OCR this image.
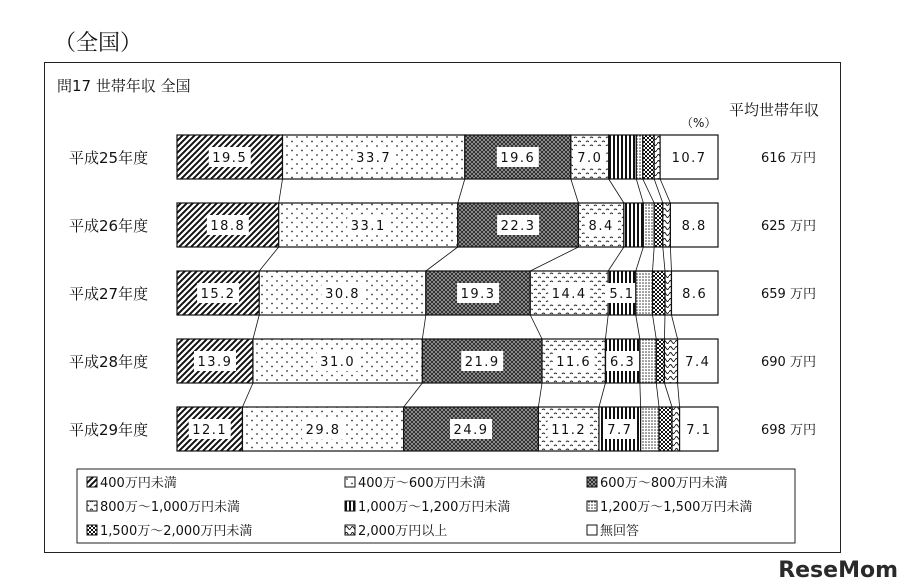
（全国）
問17 世帯年収 全国
（%）
平均世帯年収
平成25年度	19.5	33.7	19.6	7.0	10.7	616 万円
平成26年度	18.8	33.1	22.3	8.4	8.8	625 万円
平成27年度	15.2	30.8	19.3	14.4 5.1	8.6	659 万円
平成28年度	13.9	31.0	21.9	11.6 6.3	7.4	690 万円
平成29年度	12.1	29.8	24.9	11.2 7.7	7.1	698 万円
400万円未満	400万～600万円未満	600万～800万円未満
800万～1,000万円未満	1,000万～1,200万円未満	1,200万～1,500万円未満
1,500万～2,000万円未満	2,000万円以上	無回答
ReseMom
